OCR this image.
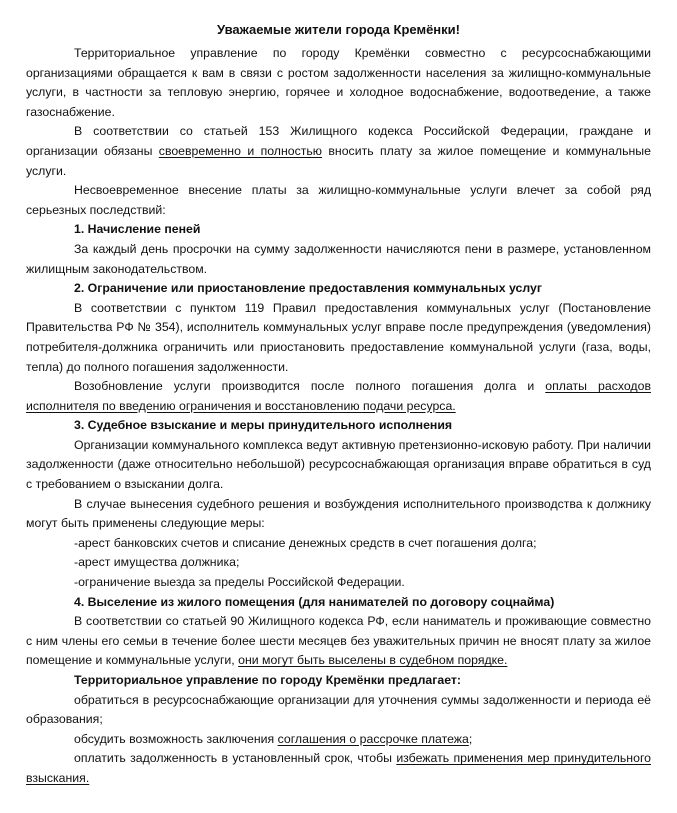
Уважаемые жители города Кремёнки!

Территориальное управление по городу Кремёнки совместно с ресурсоснабжающими организациями обращается к вам в связи с ростом задолженности населения за жилищно-коммунальные услуги, в частности за тепловую энергию, горячее и холодное водоснабжение, водоотведение, а также газоснабжение.

В соответствии со статьей 153 Жилищного кодекса Российской Федерации, граждане и организации обязаны своевременно и полностью вносить плату за жилое помещение и коммунальные услуги.

Несвоевременное внесение платы за жилищно-коммунальные услуги влечет за собой ряд серьезных последствий:

1. Начисление пеней

За каждый день просрочки на сумму задолженности начисляются пени в размере, установленном жилищным законодательством.

2. Ограничение или приостановление предоставления коммунальных услуг

В соответствии с пунктом 119 Правил предоставления коммунальных услуг (Постановление Правительства РФ № 354), исполнитель коммунальных услуг вправе после предупреждения (уведомления) потребителя-должника ограничить или приостановить предоставление коммунальной услуги (газа, воды, тепла) до полного погашения задолженности.

Возобновление услуги производится после полного погашения долга и оплаты расходов исполнителя по введению ограничения и восстановлению подачи ресурса.

3. Судебное взыскание и меры принудительного исполнения

Организации коммунального комплекса ведут активную претензионно-исковую работу. При наличии задолженности (даже относительно небольшой) ресурсоснабжающая организация вправе обратиться в суд с требованием о взыскании долга.

В случае вынесения судебного решения и возбуждения исполнительного производства к должнику могут быть применены следующие меры:

-арест банковских счетов и списание денежных средств в счет погашения долга;

-арест имущества должника;

-ограничение выезда за пределы Российской Федерации.

4. Выселение из жилого помещения (для нанимателей по договору соцнайма)

В соответствии со статьей 90 Жилищного кодекса РФ, если наниматель и проживающие совместно с ним члены его семьи в течение более шести месяцев без уважительных причин не вносят плату за жилое помещение и коммунальные услуги, они могут быть выселены в судебном порядке.

Территориальное управление по городу Кремёнки предлагает:

обратиться в ресурсоснабжающие организации для уточнения суммы задолженности и периода её образования;

обсудить возможность заключения соглашения о рассрочке платежа;

оплатить задолженность в установленный срок, чтобы избежать применения мер принудительного взыскания.
